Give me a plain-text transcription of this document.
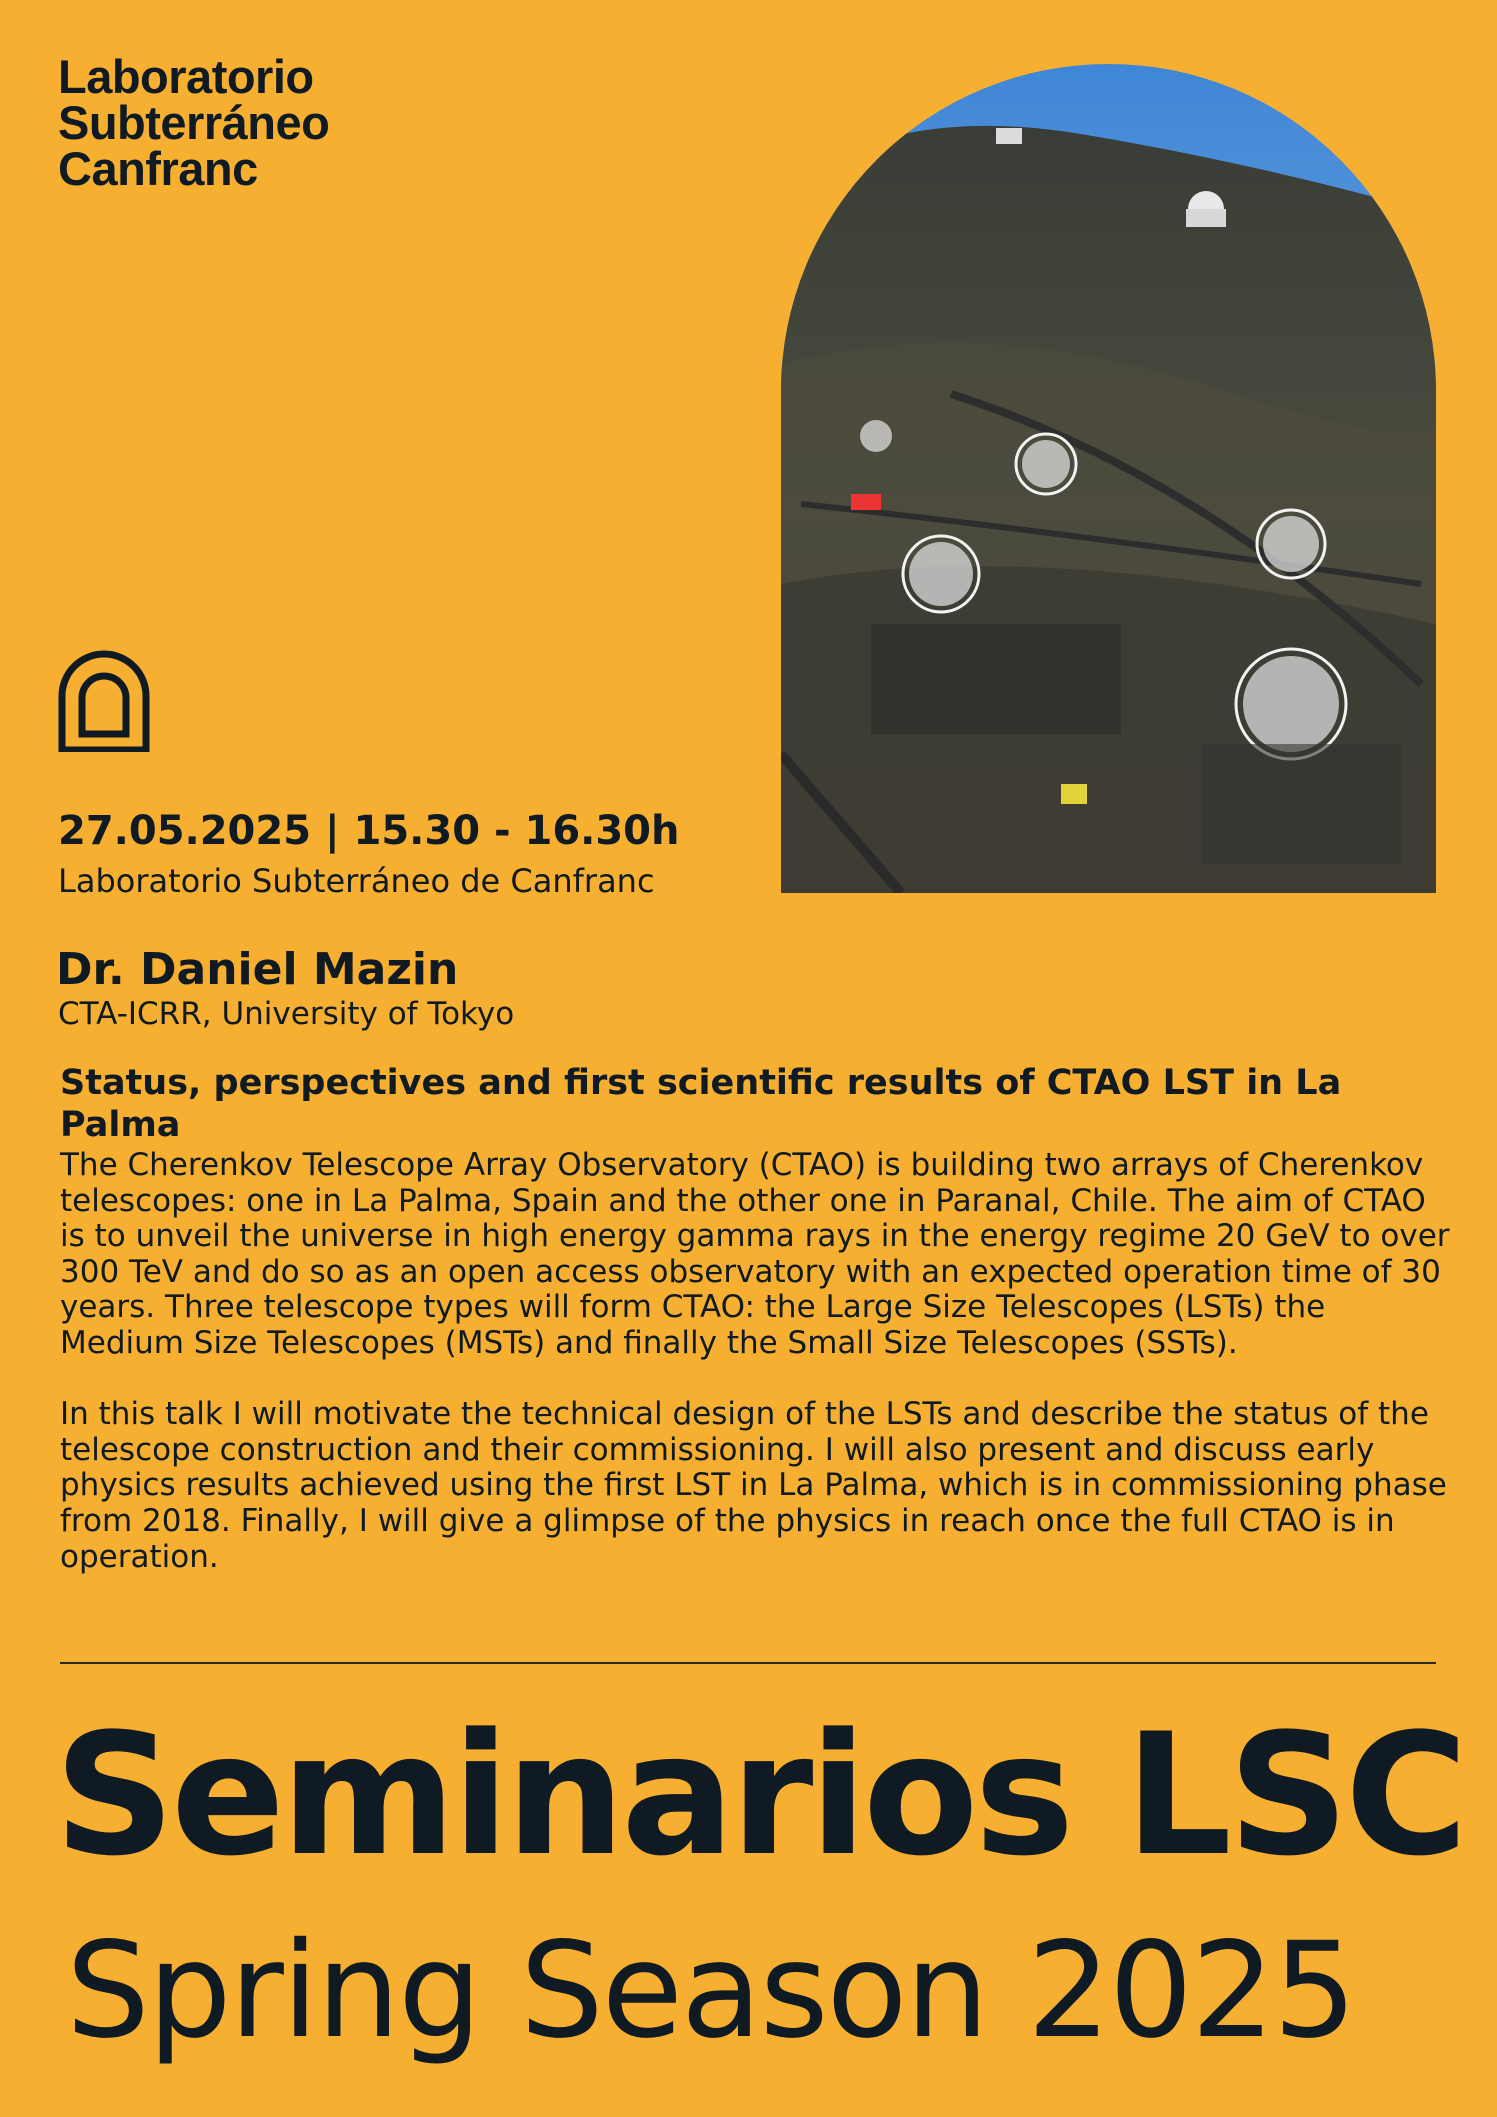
Laboratorio
Subterráneo
Canfranc
27.05.2025 | 15.30 - 16.30h
Laboratorio Subterráneo de Canfranc
Dr. Daniel Mazin
CTA-ICRR, University of Tokyo
Status, perspectives and first scientific results of CTAO LST in La Palma

The Cherenkov Telescope Array Observatory (CTAO) is building two arrays of Cherenkov telescopes: one in La Palma, Spain and the other one in Paranal, Chile. The aim of CTAO is to unveil the universe in high energy gamma rays in the energy regime 20 GeV to over 300 TeV and do so as an open access observatory with an expected operation time of 30 years. Three telescope types will form CTAO: the Large Size Telescopes (LSTs) the Medium Size Telescopes (MSTs) and finally the Small Size Telescopes (SSTs).

In this talk I will motivate the technical design of the LSTs and describe the status of the telescope construction and their commissioning. I will also present and discuss early physics results achieved using the first LST in La Palma, which is in commissioning phase from 2018. Finally, I will give a glimpse of the physics in reach once the full CTAO is in operation.

Seminarios LSC
Spring Season 2025
